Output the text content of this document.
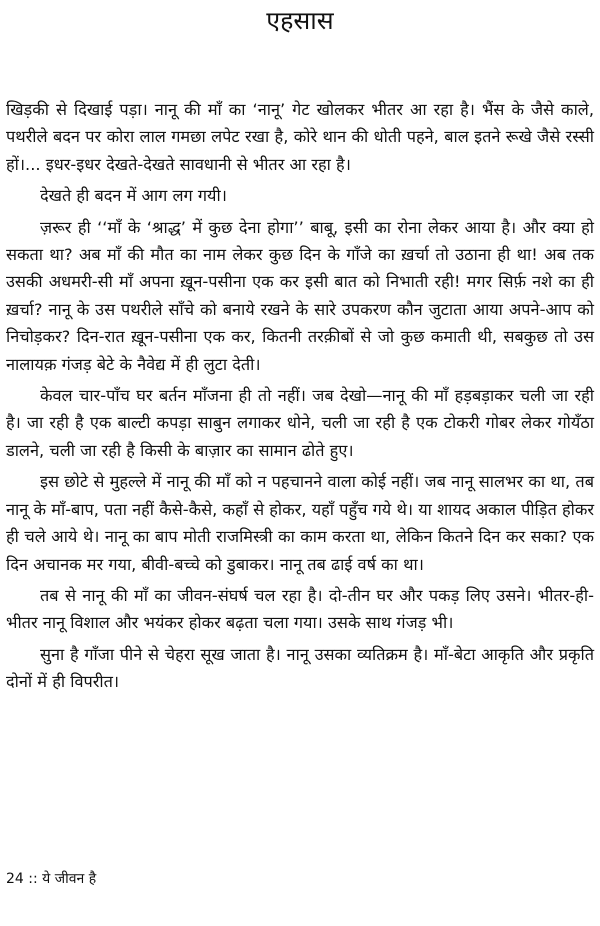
एहसास

खिड़की से दिखाई पड़ा। नानू की माँ का ‘नानू’ गेट खोलकर भीतर आ रहा है। भैंस के जैसे काले, पथरीले बदन पर कोरा लाल गमछा लपेट रखा है, कोरे थान की धोती पहने, बाल इतने रूखे जैसे रस्सी हों।... इधर-इधर देखते-देखते सावधानी से भीतर आ रहा है।

देखते ही बदन में आग लग गयी।

ज़रूर ही ‘‘माँ के ‘श्राद्ध’ में कुछ देना होगा’’ बाबू, इसी का रोना लेकर आया है। और क्या हो सकता था? अब माँ की मौत का नाम लेकर कुछ दिन के गाँजे का ख़र्चा तो उठाना ही था! अब तक उसकी अधमरी-सी माँ अपना ख़ून-पसीना एक कर इसी बात को निभाती रही! मगर सिर्फ़ नशे का ही ख़र्चा? नानू के उस पथरीले साँचे को बनाये रखने के सारे उपकरण कौन जुटाता आया अपने-आप को निचोड़कर? दिन-रात ख़ून-पसीना एक कर, कितनी तरक़ीबों से जो कुछ कमाती थी, सबकुछ तो उस नालायक़ गंजड़ बेटे के नैवेद्य में ही लुटा देती।

केवल चार-पाँच घर बर्तन माँजना ही तो नहीं। जब देखो—नानू की माँ हड़बड़ाकर चली जा रही है। जा रही है एक बाल्टी कपड़ा साबुन लगाकर धोने, चली जा रही है एक टोकरी गोबर लेकर गोयँठा डालने, चली जा रही है किसी के बाज़ार का सामान ढोते हुए।

इस छोटे से मुहल्ले में नानू की माँ को न पहचानने वाला कोई नहीं। जब नानू सालभर का था, तब नानू के माँ-बाप, पता नहीं कैसे-कैसे, कहाँ से होकर, यहाँ पहुँच गये थे। या शायद अकाल पीड़ित होकर ही चले आये थे। नानू का बाप मोती राजमिस्त्री का काम करता था, लेकिन कितने दिन कर सका? एक दिन अचानक मर गया, बीवी-बच्चे को डुबाकर। नानू तब ढाई वर्ष का था।

तब से नानू की माँ का जीवन-संघर्ष चल रहा है। दो-तीन घर और पकड़ लिए उसने। भीतर-ही-भीतर नानू विशाल और भयंकर होकर बढ़ता चला गया। उसके साथ गंजड़ भी।

सुना है गाँजा पीने से चेहरा सूख जाता है। नानू उसका व्यतिक्रम है। माँ-बेटा आकृति और प्रकृति दोनों में ही विपरीत।

24 :: ये जीवन है
